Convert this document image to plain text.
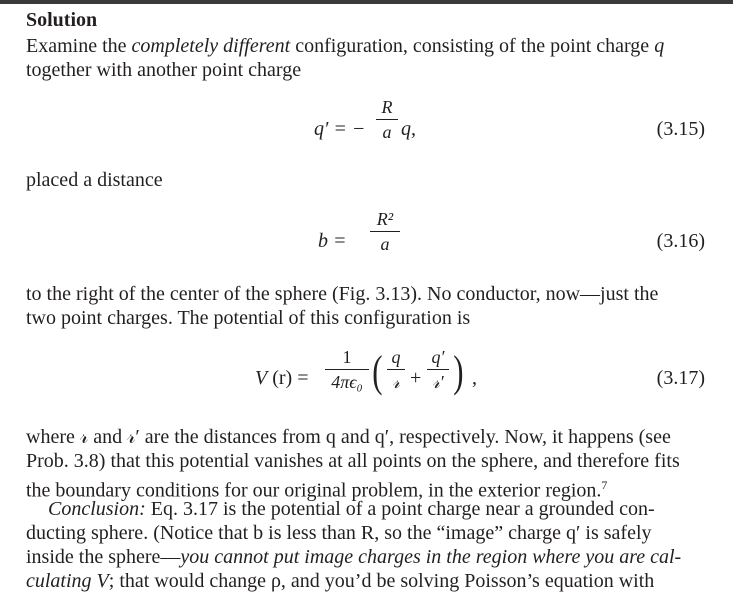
Solution
Examine the completely different configuration, consisting of the point charge q
together with another point charge
q′ = −
R
a q,	(3.15)
placed a distance
b =
R²
a	(3.16)
to the right of the center of the sphere (Fig. 3.13). No conductor, now—just the
two point charges. The potential of this configuration is
V (r) =
1
4πϵ₀ ( q
𝓇 +
q′
𝓇′ ) ,	(3.17)
where 𝓇 and 𝓇′ are the distances from q and q′, respectively. Now, it happens (see
Prob. 3.8) that this potential vanishes at all points on the sphere, and therefore fits
the boundary conditions for our original problem, in the exterior region.$^7$
Conclusion: Eq. 3.17 is the potential of a point charge near a grounded con-
ducting sphere. (Notice that b is less than R, so the “image” charge q′ is safely
inside the sphere—you cannot put image charges in the region where you are cal-
culating V; that would change ρ, and you’d be solving Poisson’s equation with
